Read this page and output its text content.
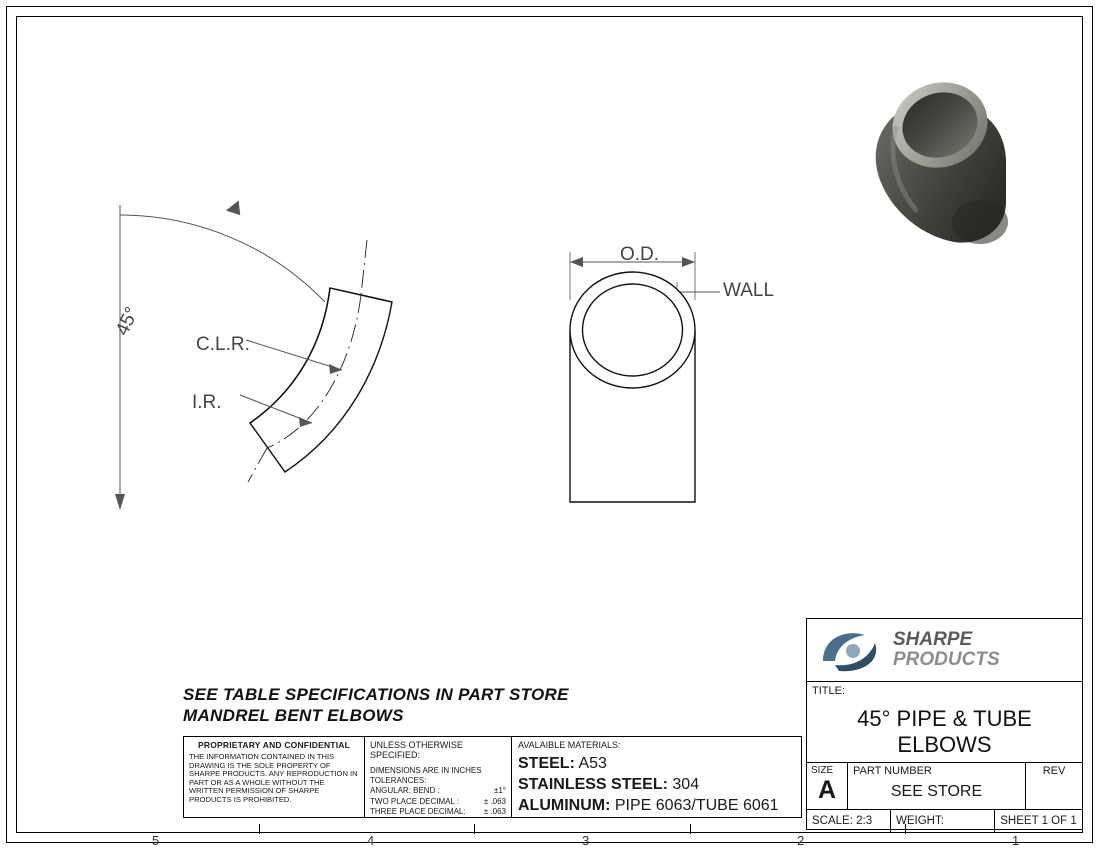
5	4	3	2	1
45°
C.L.R.
I.R.
O.D.
WALL
SEE TABLE SPECIFICATIONS IN PART STORE
MANDREL BENT ELBOWS
PROPRIETARY AND CONFIDENTIAL
THE INFORMATION CONTAINED IN THIS DRAWING IS THE SOLE PROPERTY OF SHARPE PRODUCTS. ANY REPRODUCTION IN PART OR AS A WHOLE WITHOUT THE WRITTEN PERMISSION OF SHARPE PRODUCTS IS PROHIBITED.
UNLESS OTHERWISE SPECIFIED:
DIMENSIONS ARE IN INCHES
TOLERANCES:
ANGULAR: BEND :	±1°
TWO PLACE DECIMAL :	± .063
THREE PLACE DECIMAL: ± .063
AVALAIBLE MATERIALS:
STEEL: A53
STAINLESS STEEL: 304
ALUMINUM: PIPE 6063/TUBE 6061
SHARPE
PRODUCTS
TITLE:
45° PIPE & TUBE
ELBOWS
SIZE
A
PART NUMBER
SEE STORE
REV
SCALE: 2:3	WEIGHT:	SHEET 1 OF 1
